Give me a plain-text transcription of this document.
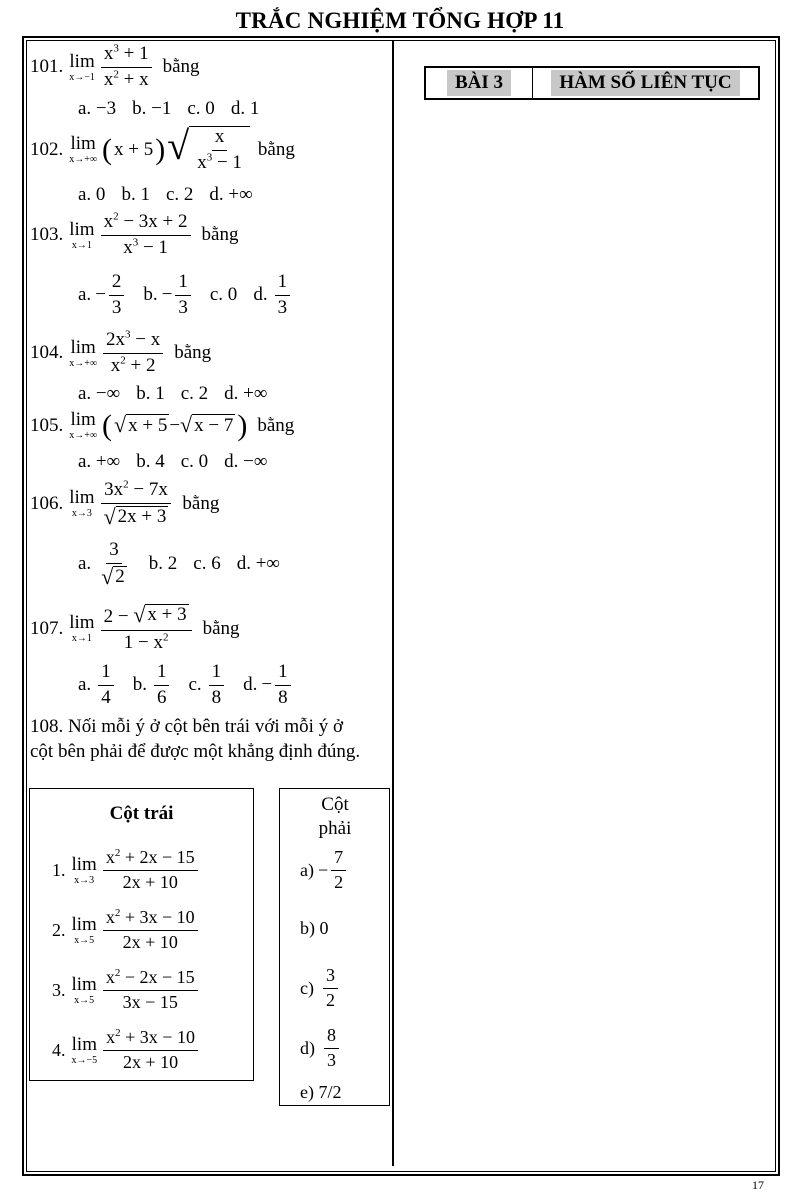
TRẮC NGHIỆM TỔNG HỢP 11
101. lim
$x\to-1 \frac{x^3 + 1}{x^2 + x}$ bằng
a. −3 b. −1 c. 0 d. 1
102. lim
x→+∞ ( x + 5 ) √ $\frac{x}{x^3 - 1}$ bằng
a. 0 b. 1 c. 2 d. +∞
103. lim
$x\to 1 \frac{x^2 - 3x + 2}{x^3 - 1}$ bằng
a. − $\frac{2}{3} b$. − $\frac{1}{3} c$. 0 d. $\frac{1}{3}$
104. lim
$x\to+\infty \frac{2x^3 - x}{x^2 + 2}$ bằng
a. −∞ b. 1 c. 2 d. +∞
105. lim
x→+∞ ( √ x + 5 − √ x − 7 ) bằng
a. +∞ b. 4 c. 0 d. −∞
106. lim
$x\to 3 \frac{3x^2 - 7x}{√ 2x + 3}$ bằng
a. $\frac{3}{√ 2} b$. 2 c. 6 d. +∞
107. lim
$x\to 1 \frac{2 - √ x + 3}{1 - x^2}$ bằng
a. $\frac{1}{4} b$. $\frac{1}{6} c$. $\frac{1}{8} d$. − $\frac{1}{8}$
108. Nối mỗi ý ở cột bên trái với mỗi ý ở cột bên phải để được một khẳng định đúng.
Cột trái
1. lim
$x\to 3 \frac{x^2 + 2x - 15}{2x + 10}$
2. lim
$x\to 5 \frac{x^2 + 3x - 10}{2x + 10}$
3. lim
$x\to 5 \frac{x^2 - 2x - 15}{3x - 15}$
4. lim
$x\to-5 \frac{x^2 + 3x - 10}{2x + 10}$
Cột phải
$a) - \frac{7}{2}$
b) 0
$c) \frac{3}{2}$
$d) \frac{8}{3}$
e) 7/2
BÀI 3	HÀM SỐ LIÊN TỤC
17
